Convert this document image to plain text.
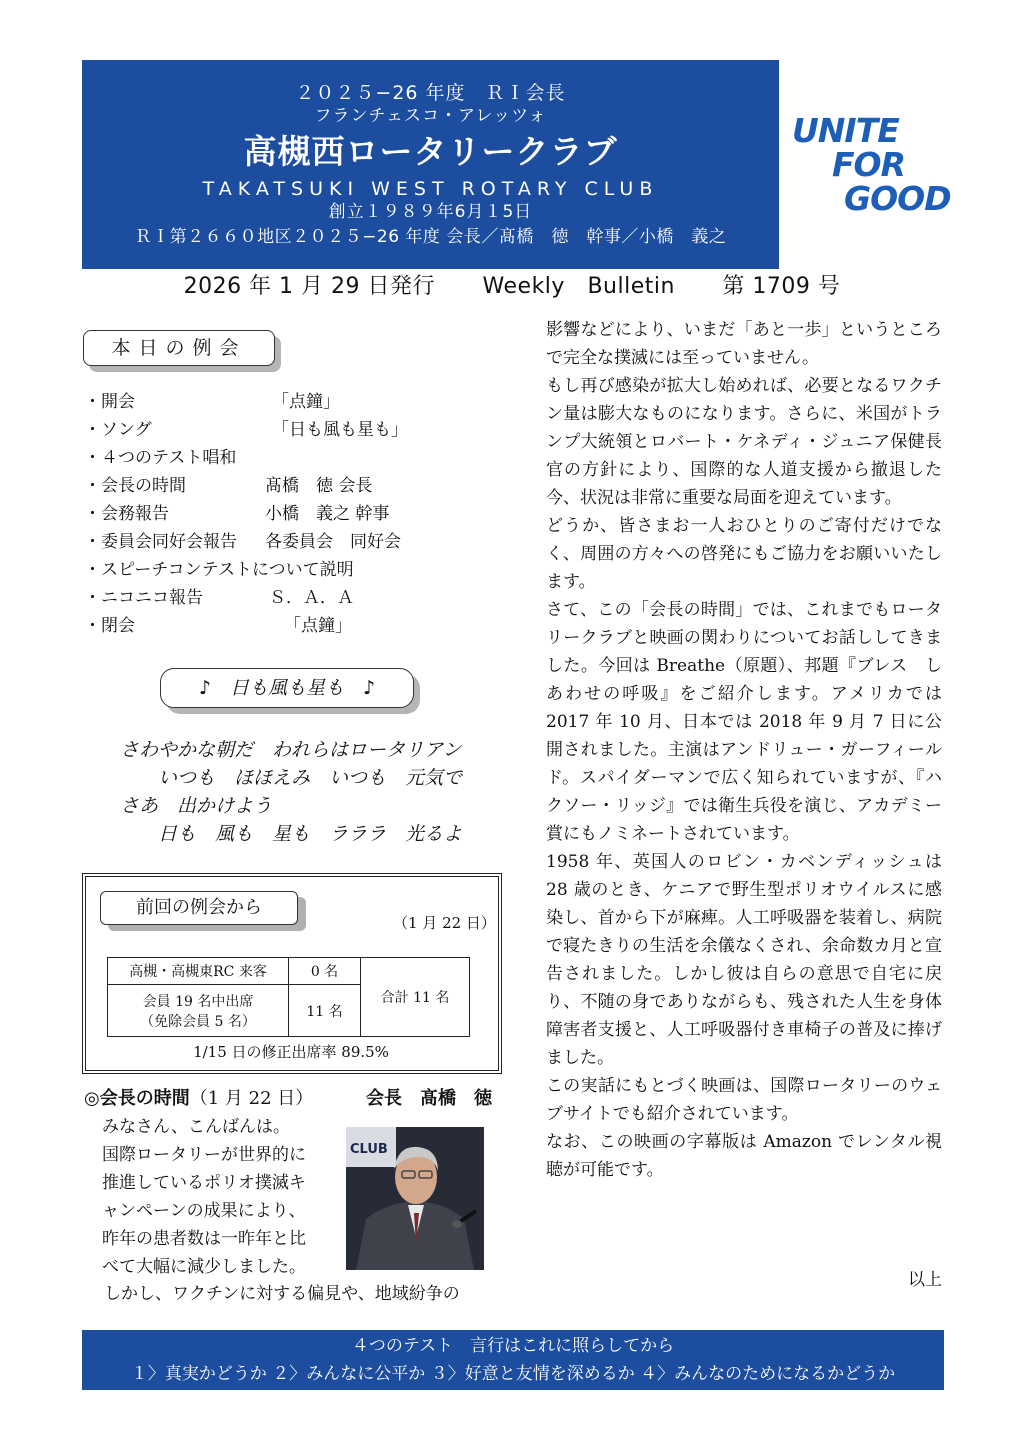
２０２５−26 年度　ＲＩ会長
フランチェスコ・アレッツォ
高槻西ロータリークラブ
TAKATSUKI WEST ROTARY CLUB
創立１９８９年6月１5日
ＲＩ第２６６０地区２０２５−26 年度 会長／髙橋　徳　幹事／小橋　義之
UNITE
FOR
GOOD
2026 年 1 月 29 日発行 Weekly　Bulletin 第 1709 号
本日の例会
・開会	「点鐘」
・ソング	「日も風も星も」
・４つのテスト唱和
・会長の時間	髙橋　徳 会長
・会務報告	小橋　義之 幹事
・委員会同好会報告 各委員会　同好会
・スピーチコンテストについて説明
・ニコニコ報告	Ｓ．Ａ．Ａ
・閉会	「点鐘」
♪　日も風も星も　♪
さわやかな朝だ　われらはロータリアン
いつも　ほほえみ　いつも　元気で
さあ　出かけよう
日も　風も　星も　ラララ　光るよ
前回の例会から
（1 月 22 日）
高槻・高槻東RC 来客	0 名	合計 11 名

会員 19 名中出席
（免除会員 5 名）	11 名	
1/15 日の修正出席率 89.5%
◎会長の時間（1 月 22 日）	会長　髙橋　徳
みなさん、こんばんは。
国際ロータリーが世界的に
推進しているポリオ撲滅キ
ャンペーンの成果により、
昨年の患者数は一昨年と比
べて大幅に減少しました。
しかし、ワクチンに対する偏見や、地域紛争の
CLUB

影響などにより、いまだ「あと一歩」というところで完全な撲滅には至っていません。

もし再び感染が拡大し始めれば、必要となるワクチン量は膨大なものになります。さらに、米国がトランプ大統領とロバート・ケネディ・ジュニア保健長官の方針により、国際的な人道支援から撤退した今、状況は非常に重要な局面を迎えています。

どうか、皆さまお一人おひとりのご寄付だけでなく、周囲の方々への啓発にもご協力をお願いいたします。

さて、この「会長の時間」では、これまでもロータリークラブと映画の関わりについてお話ししてきました。今回は Breathe（原題）、邦題『ブレス　しあわせの呼吸』をご紹介します。アメリカでは 2017 年 10 月、日本では 2018 年 9 月 7 日に公開されました。主演はアンドリュー・ガーフィールド。スパイダーマンで広く知られていますが、『ハクソー・リッジ』では衛生兵役を演じ、アカデミー賞にもノミネートされています。

1958 年、英国人のロビン・カベンディッシュは 28 歳のとき、ケニアで野生型ポリオウイルスに感染し、首から下が麻痺。人工呼吸器を装着し、病院で寝たきりの生活を余儀なくされ、余命数カ月と宣告されました。しかし彼は自らの意思で自宅に戻り、不随の身でありながらも、残された人生を身体障害者支援と、人工呼吸器付き車椅子の普及に捧げました。

この実話にもとづく映画は、国際ロータリーのウェブサイトでも紹介されています。

なお、この映画の字幕版は Amazon でレンタル視聴が可能です。

以上
４つのテスト　言行はこれに照らしてから
１〉真実かどうか ２〉みんなに公平か ３〉好意と友情を深めるか ４〉みんなのためになるかどうか
